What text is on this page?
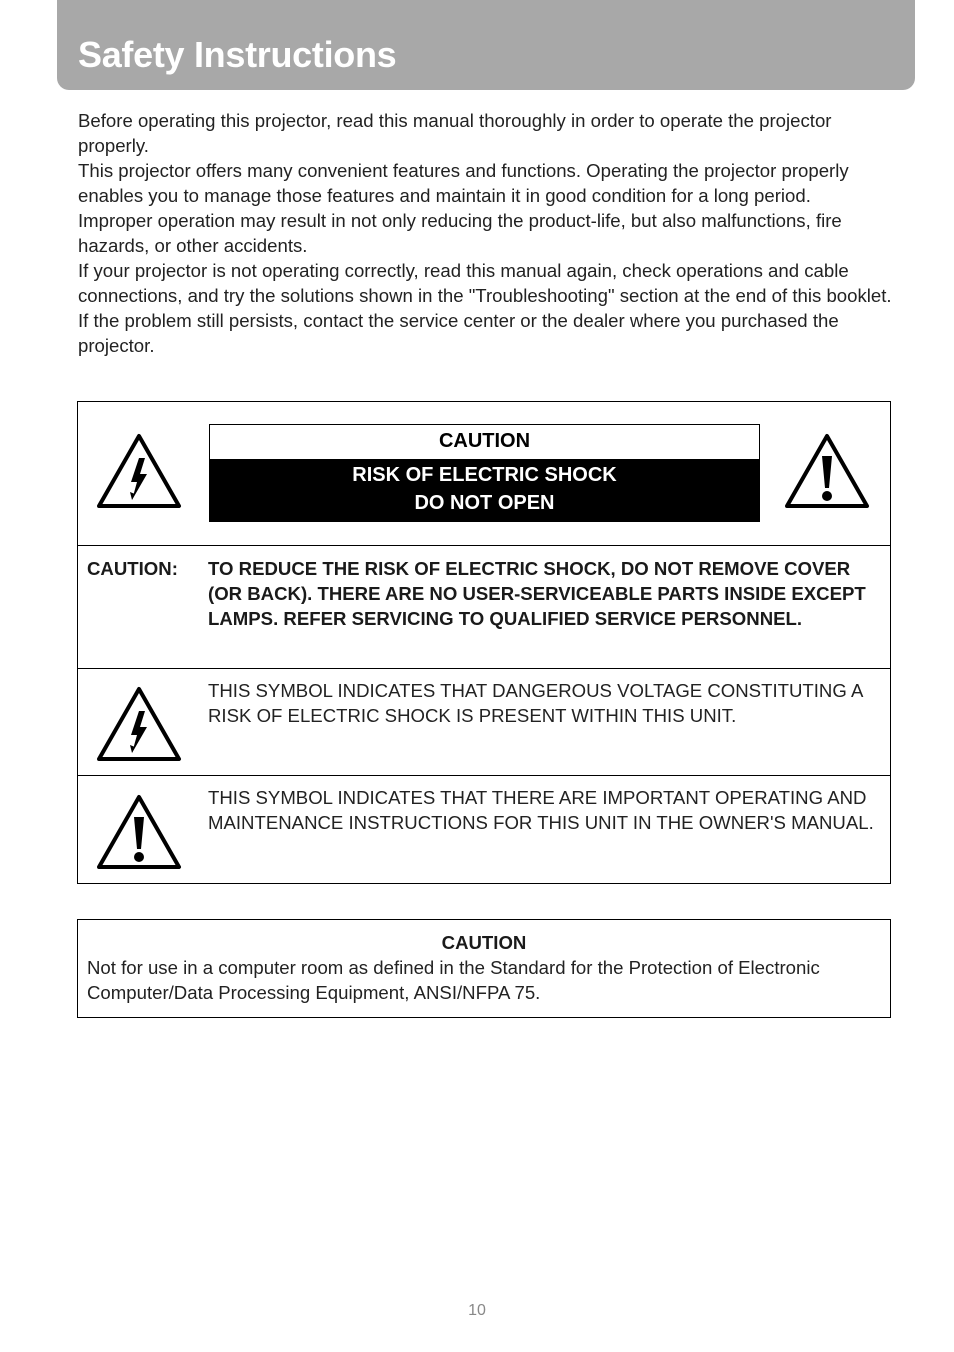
Safety Instructions

Before operating this projector, read this manual thoroughly in order to operate the projector properly.

This projector offers many convenient features and functions. Operating the projector properly enables you to manage those features and maintain it in good condition for a long period.

Improper operation may result in not only reducing the product-life, but also malfunctions, fire hazards, or other accidents.

If your projector is not operating correctly, read this manual again, check operations and cable connections, and try the solutions shown in the "Troubleshooting" section at the end of this booklet. If the problem still persists, contact the service center or the dealer where you purchased the projector.

CAUTION
RISK OF ELECTRIC SHOCK
DO NOT OPEN
CAUTION: TO REDUCE THE RISK OF ELECTRIC SHOCK, DO NOT REMOVE COVER (OR BACK). THERE ARE NO USER-SERVICEABLE PARTS INSIDE EXCEPT LAMPS. REFER SERVICING TO QUALIFIED SERVICE PERSONNEL.
THIS SYMBOL INDICATES THAT DANGEROUS VOLTAGE CONSTITUTING A RISK OF ELECTRIC SHOCK IS PRESENT WITHIN THIS UNIT.
THIS SYMBOL INDICATES THAT THERE ARE IMPORTANT OPERATING AND MAINTENANCE INSTRUCTIONS FOR THIS UNIT IN THE OWNER'S MANUAL.
CAUTION
Not for use in a computer room as defined in the Standard for the Protection of Electronic Computer/Data Processing Equipment, ANSI/NFPA 75.
10
